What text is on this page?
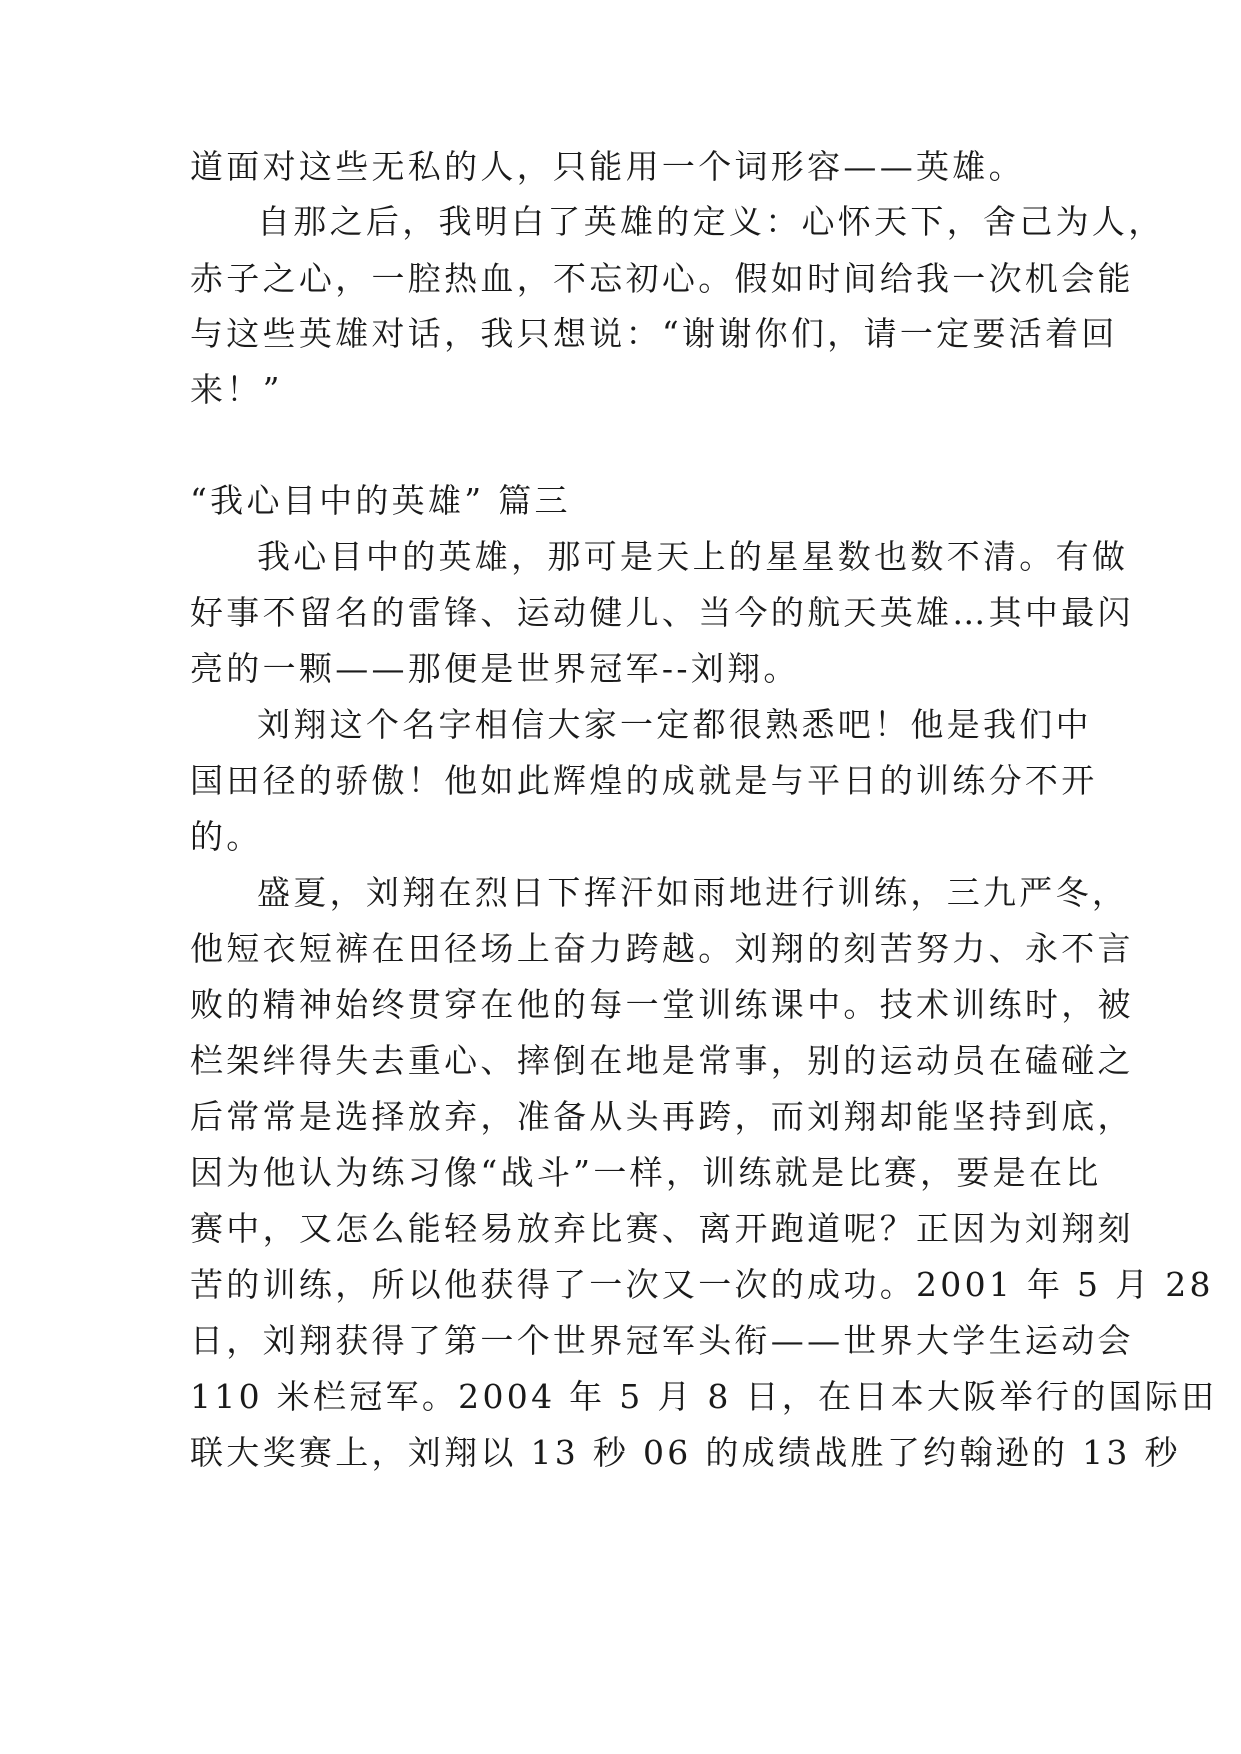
道面对这些无私的人，只能用一个词形容——英雄。
自那之后，我明白了英雄的定义：心怀天下，舍己为人，
赤子之心，一腔热血，不忘初心。假如时间给我一次机会能
与这些英雄对话，我只想说：“谢谢你们，请一定要活着回
来！”
“我心目中的英雄” 篇三
我心目中的英雄，那可是天上的星星数也数不清。有做
好事不留名的雷锋、运动健儿、当今的航天英雄…其中最闪
亮的一颗——那便是世界冠军--刘翔。
刘翔这个名字相信大家一定都很熟悉吧！他是我们中
国田径的骄傲！他如此辉煌的成就是与平日的训练分不开
的。
盛夏，刘翔在烈日下挥汗如雨地进行训练，三九严冬，
他短衣短裤在田径场上奋力跨越。刘翔的刻苦努力、永不言
败的精神始终贯穿在他的每一堂训练课中。技术训练时，被
栏架绊得失去重心、摔倒在地是常事，别的运动员在磕碰之
后常常是选择放弃，准备从头再跨，而刘翔却能坚持到底，
因为他认为练习像“战斗”一样，训练就是比赛，要是在比
赛中，又怎么能轻易放弃比赛、离开跑道呢？正因为刘翔刻
苦的训练，所以他获得了一次又一次的成功。2001 年 5 月 28
日，刘翔获得了第一个世界冠军头衔——世界大学生运动会
110 米栏冠军。2004 年 5 月 8 日，在日本大阪举行的国际田
联大奖赛上，刘翔以 13 秒 06 的成绩战胜了约翰逊的 13 秒
